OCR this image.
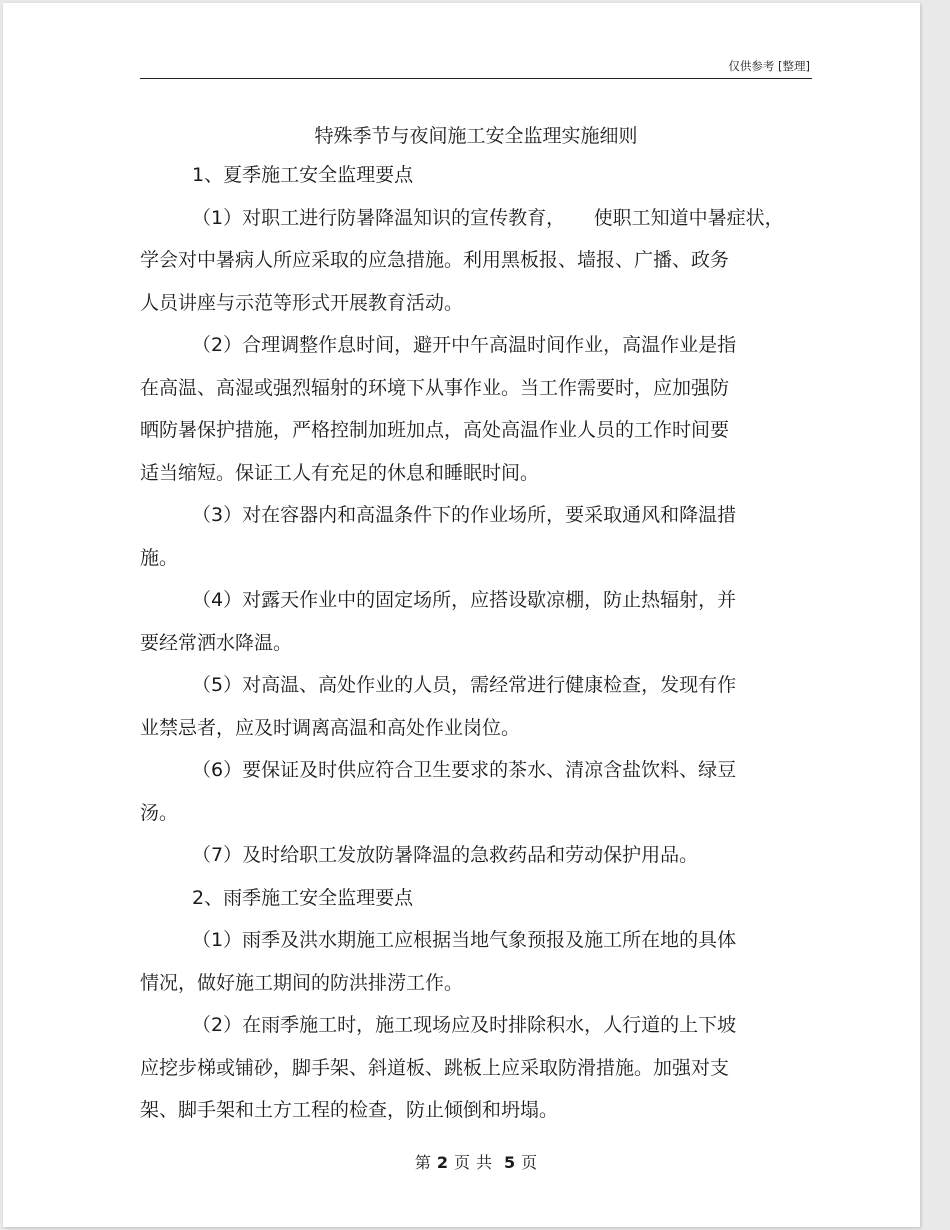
仅供参考 [整理]
特殊季节与夜间施工安全监理实施细则
1、夏季施工安全监理要点
（1）对职工进行防暑降温知识的宣传教育，　　使职工知道中暑症状，
学会对中暑病人所应采取的应急措施。利用黑板报、墙报、广播、政务
人员讲座与示范等形式开展教育活动。
（2）合理调整作息时间，避开中午高温时间作业，高温作业是指
在高温、高湿或强烈辐射的环境下从事作业。当工作需要时，应加强防
晒防暑保护措施，严格控制加班加点，高处高温作业人员的工作时间要
适当缩短。保证工人有充足的休息和睡眠时间。
（3）对在容器内和高温条件下的作业场所，要采取通风和降温措
施。
（4）对露天作业中的固定场所，应搭设歇凉棚，防止热辐射，并
要经常洒水降温。
（5）对高温、高处作业的人员，需经常进行健康检查，发现有作
业禁忌者，应及时调离高温和高处作业岗位。
（6）要保证及时供应符合卫生要求的茶水、清凉含盐饮料、绿豆
汤。
（7）及时给职工发放防暑降温的急救药品和劳动保护用品。
2、雨季施工安全监理要点
（1）雨季及洪水期施工应根据当地气象预报及施工所在地的具体
情况，做好施工期间的防洪排涝工作。
（2）在雨季施工时，施工现场应及时排除积水，人行道的上下坡
应挖步梯或铺砂，脚手架、斜道板、跳板上应采取防滑措施。加强对支
架、脚手架和土方工程的检查，防止倾倒和坍塌。
第 2 页 共 5 页
